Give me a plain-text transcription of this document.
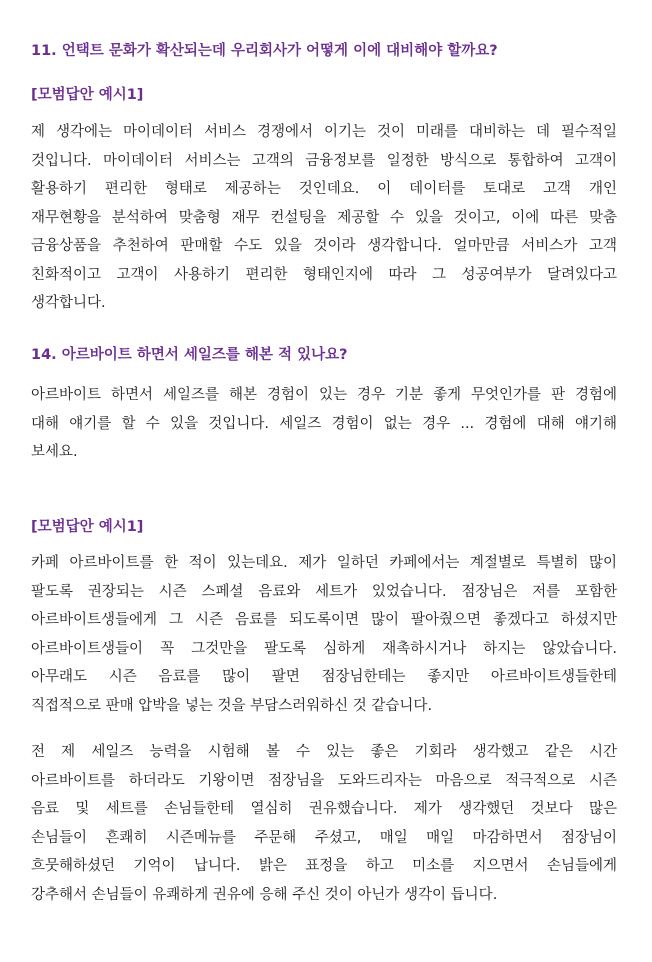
11. 언택트 문화가 확산되는데 우리회사가 어떻게 이에 대비해야 할까요?
[모범답안 예시1]
제 생각에는 마이데이터 서비스 경쟁에서 이기는 것이 미래를 대비하는 데 필수적일
것입니다. 마이데이터 서비스는 고객의 금융정보를 일정한 방식으로 통합하여 고객이
활용하기 편리한 형태로 제공하는 것인데요. 이 데이터를 토대로 고객 개인
재무현황을 분석하여 맞춤형 재무 컨설팅을 제공할 수 있을 것이고, 이에 따른 맞춤
금융상품을 추천하여 판매할 수도 있을 것이라 생각합니다. 얼마만큼 서비스가 고객
친화적이고 고객이 사용하기 편리한 형태인지에 따라 그 성공여부가 달려있다고
생각합니다.
14. 아르바이트 하면서 세일즈를 해본 적 있나요?
아르바이트 하면서 세일즈를 해본 경험이 있는 경우 기분 좋게 무엇인가를 판 경험에
대해 얘기를 할 수 있을 것입니다. 세일즈 경험이 없는 경우 ... 경험에 대해 얘기해
보세요.
[모범답안 예시1]
카페 아르바이트를 한 적이 있는데요. 제가 일하던 카페에서는 계절별로 특별히 많이
팔도록 권장되는 시즌 스페셜 음료와 세트가 있었습니다. 점장님은 저를 포함한
아르바이트생들에게 그 시즌 음료를 되도록이면 많이 팔아줬으면 좋겠다고 하셨지만
아르바이트생들이 꼭 그것만을 팔도록 심하게 재촉하시거나 하지는 않았습니다.
아무래도 시즌 음료를 많이 팔면 점장님한테는 좋지만 아르바이트생들한테
직접적으로 판매 압박을 넣는 것을 부담스러워하신 것 같습니다.
전 제 세일즈 능력을 시험해 볼 수 있는 좋은 기회라 생각했고 같은 시간
아르바이트를 하더라도 기왕이면 점장님을 도와드리자는 마음으로 적극적으로 시즌
음료 및 세트를 손님들한테 열심히 권유했습니다. 제가 생각했던 것보다 많은
손님들이 흔쾌히 시즌메뉴를 주문해 주셨고, 매일 매일 마감하면서 점장님이
흐뭇해하셨던 기억이 납니다. 밝은 표정을 하고 미소를 지으면서 손님들에게
강추해서 손님들이 유쾌하게 권유에 응해 주신 것이 아닌가 생각이 듭니다.
